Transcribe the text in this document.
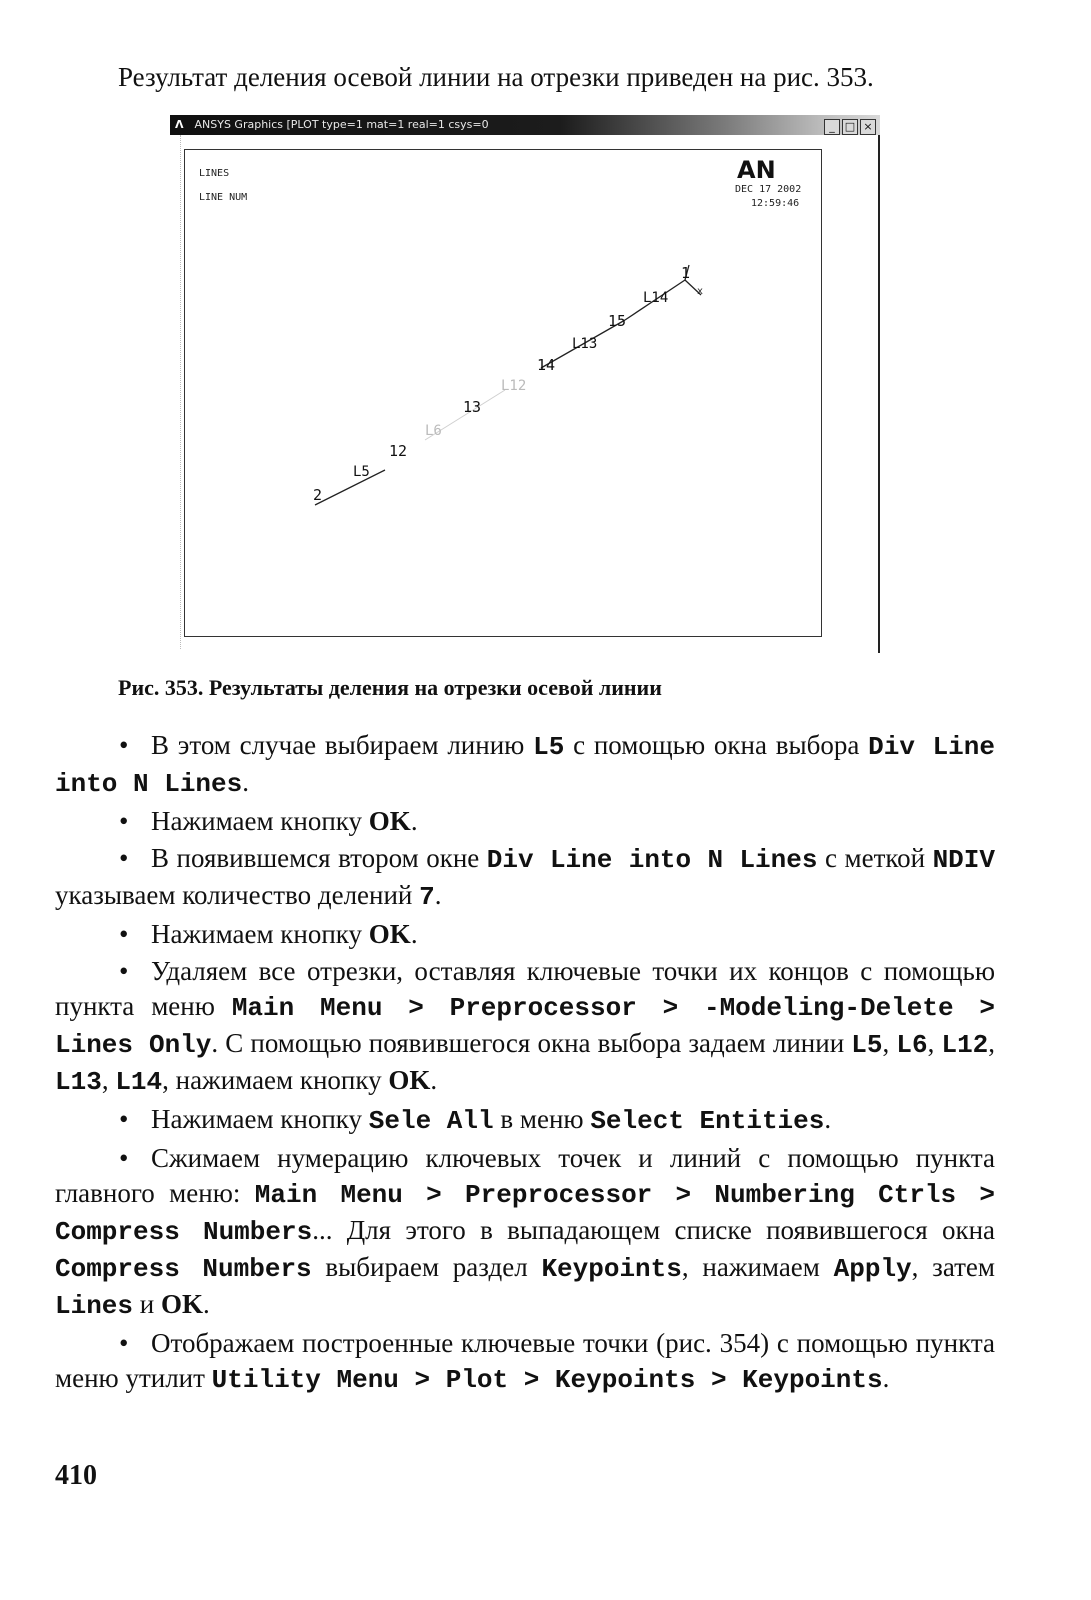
Результат деления осевой линии на отрезки приведен на рис. 353.
Λ ANSYS Graphics [PLOT type=1 mat=1 real=1 csys=0	_ □ ×
LINES
LINE NUM
AN
DEC 17 2002
12:59:46
1
x
L14
15
L13
14
L12
13
L6
12
L5
2
Рис. 353. Результаты деления на отрезки осевой линии

• В этом случае выбираем линию L5 с помощью окна выбора Div Line into N Lines.

• Нажимаем кнопку OK.

• В появившемся втором окне Div Line into N Lines с меткой NDIV указываем количество делений 7.

• Нажимаем кнопку OK.

• Удаляем все отрезки, оставляя ключевые точки их концов с помощью пункта меню Main Menu > Preprocessor > -Modeling-Delete > Lines Only. С помощью появившегося окна выбора задаем линии L5, L6, L12, L13, L14, нажимаем кнопку OK.

• Нажимаем кнопку Sele All в меню Select Entities.

• Сжимаем нумерацию ключевых точек и линий с помощью пункта главного меню: Main Menu > Preprocessor > Numbering Ctrls > Compress Numbers... Для этого в выпадающем списке появившегося окна Compress Numbers выбираем раздел Keypoints, нажимаем Apply, затем Lines и OK.

• Отображаем построенные ключевые точки (рис. 354) с помощью пункта меню утилит Utility Menu > Plot > Keypoints > Keypoints.

410
